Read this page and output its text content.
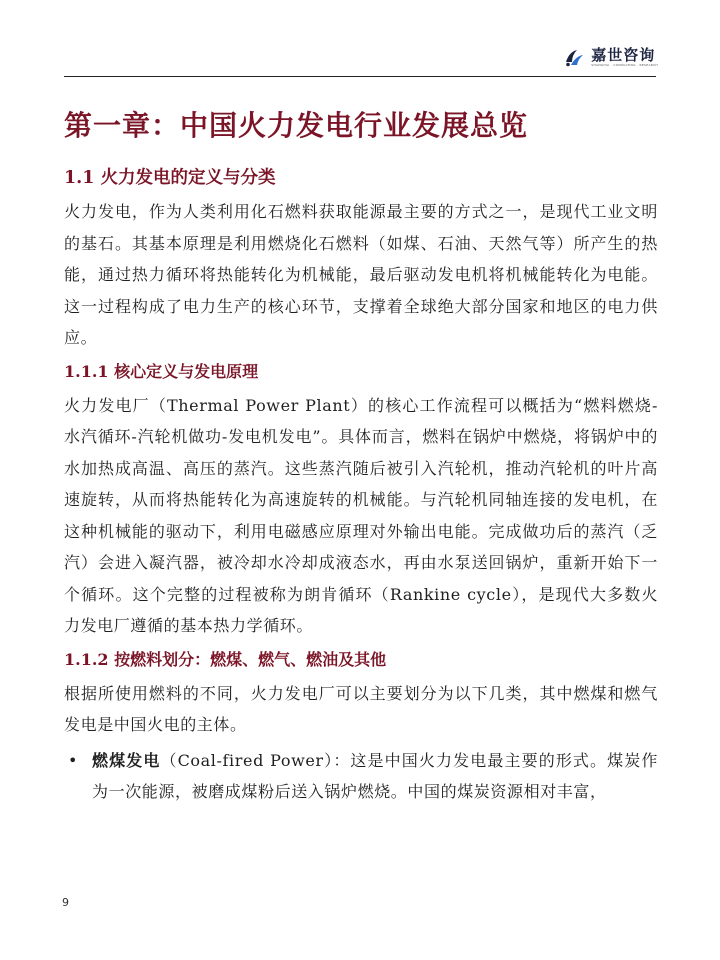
嘉世咨询
SHANGHAI · CONSULTING · RESEARCH
第一章：中国火力发电行业发展总览
1.1 火力发电的定义与分类

火力发电，作为人类利用化石燃料获取能源最主要的方式之一，是现代工业文明的基石。其基本原理是利用燃烧化石燃料（如煤、石油、天然气等）所产生的热能，通过热力循环将热能转化为机械能，最后驱动发电机将机械能转化为电能。这一过程构成了电力生产的核心环节，支撑着全球绝大部分国家和地区的电力供应。

1.1.1 核心定义与发电原理

火力发电厂（Thermal Power Plant）的核心工作流程可以概括为“燃料燃烧-水汽循环-汽轮机做功-发电机发电”。具体而言，燃料在锅炉中燃烧，将锅炉中的水加热成高温、高压的蒸汽。这些蒸汽随后被引入汽轮机，推动汽轮机的叶片高速旋转，从而将热能转化为高速旋转的机械能。与汽轮机同轴连接的发电机，在这种机械能的驱动下，利用电磁感应原理对外输出电能。完成做功后的蒸汽（乏汽）会进入凝汽器，被冷却水冷却成液态水，再由水泵送回锅炉，重新开始下一个循环。这个完整的过程被称为朗肯循环（Rankine cycle），是现代大多数火力发电厂遵循的基本热力学循环。

1.1.2 按燃料划分：燃煤、燃气、燃油及其他

根据所使用燃料的不同，火力发电厂可以主要划分为以下几类，其中燃煤和燃气发电是中国火电的主体。

• 燃煤发电（Coal-fired Power）：这是中国火力发电最主要的形式。煤炭作为一次能源，被磨成煤粉后送入锅炉燃烧。中国的煤炭资源相对丰富，
9
